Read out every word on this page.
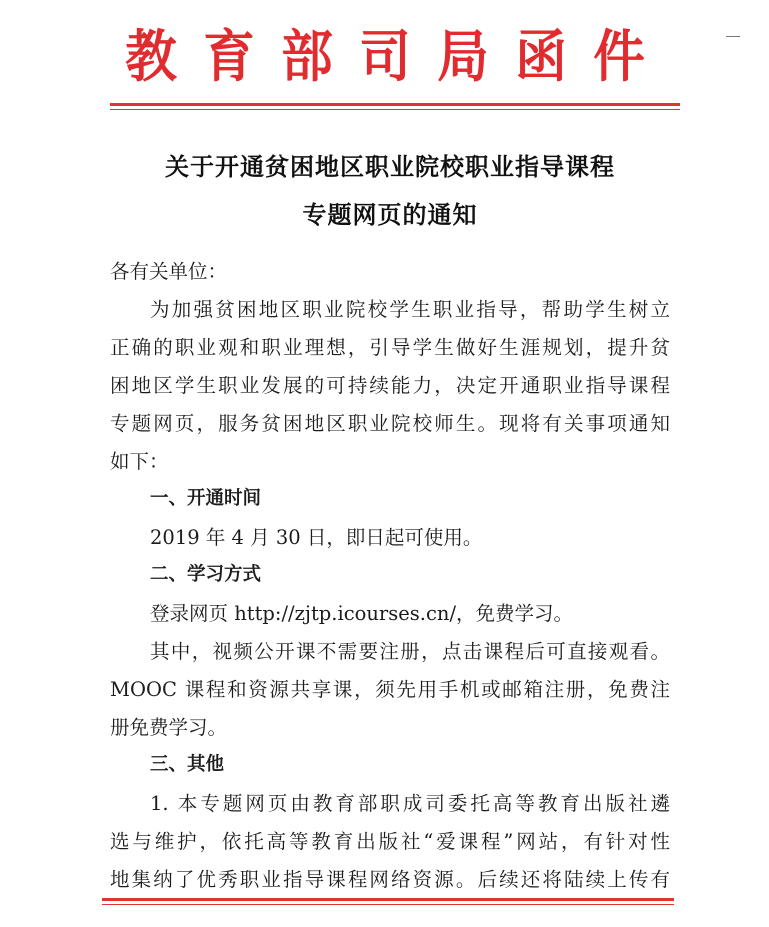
教 育 部 司 局 函 件
关于开通贫困地区职业院校职业指导课程
专题网页的通知
各有关单位：
为加强贫困地区职业院校学生职业指导，帮助学生树立
正确的职业观和职业理想，引导学生做好生涯规划，提升贫
困地区学生职业发展的可持续能力，决定开通职业指导课程
专题网页，服务贫困地区职业院校师生。现将有关事项通知
如下：
一、开通时间
2019 年 4 月 30 日，即日起可使用。
二、学习方式
登录网页 http://zjtp.icourses.cn/，免费学习。
其中，视频公开课不需要注册，点击课程后可直接观看。
MOOC 课程和资源共享课，须先用手机或邮箱注册，免费注
册免费学习。
三、其他
1. 本专题网页由教育部职成司委托高等教育出版社遴
选与维护，依托高等教育出版社“爱课程”网站，有针对性
地集纳了优秀职业指导课程网络资源。后续还将陆续上传有
